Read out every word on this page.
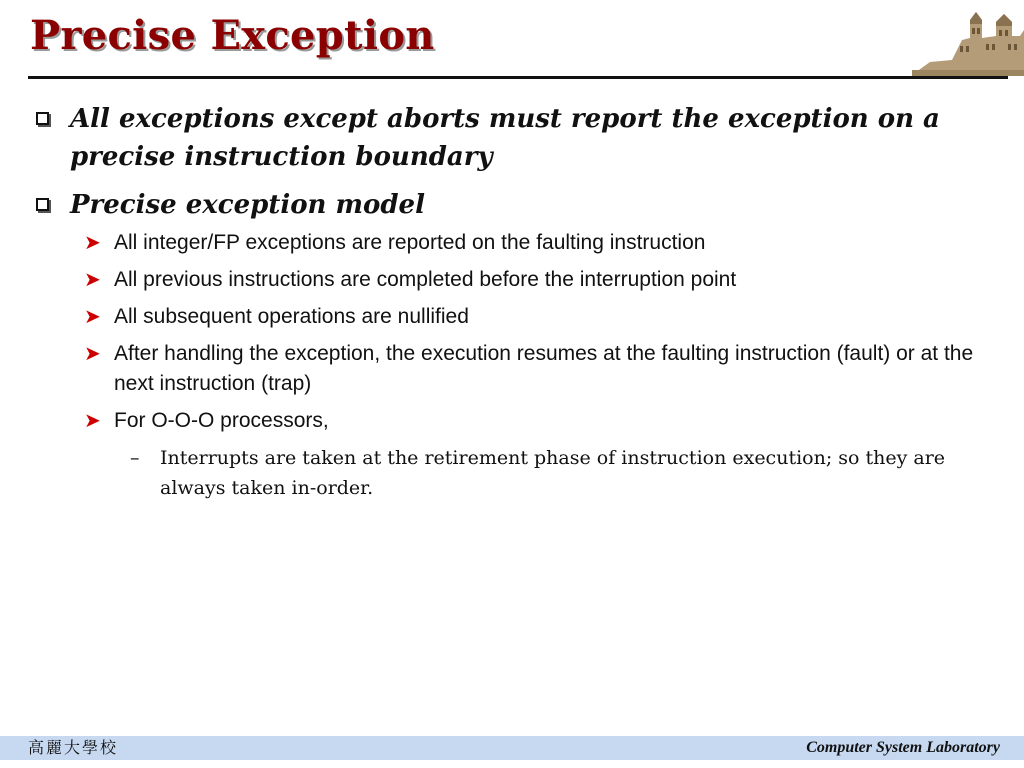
Precise Exception
All exceptions except aborts must report the exception on a precise instruction boundary
Precise exception model
➤ All integer/FP exceptions are reported on the faulting instruction
➤ All previous instructions are completed before the interruption point
➤ All subsequent operations are nullified
➤ After handling the exception, the execution resumes at the faulting instruction (fault) or at the next instruction (trap)
➤ For O-O-O processors,
– Interrupts are taken at the retirement phase of instruction execution; so they are always taken in-order.
高麗大學校	Computer System Laboratory
